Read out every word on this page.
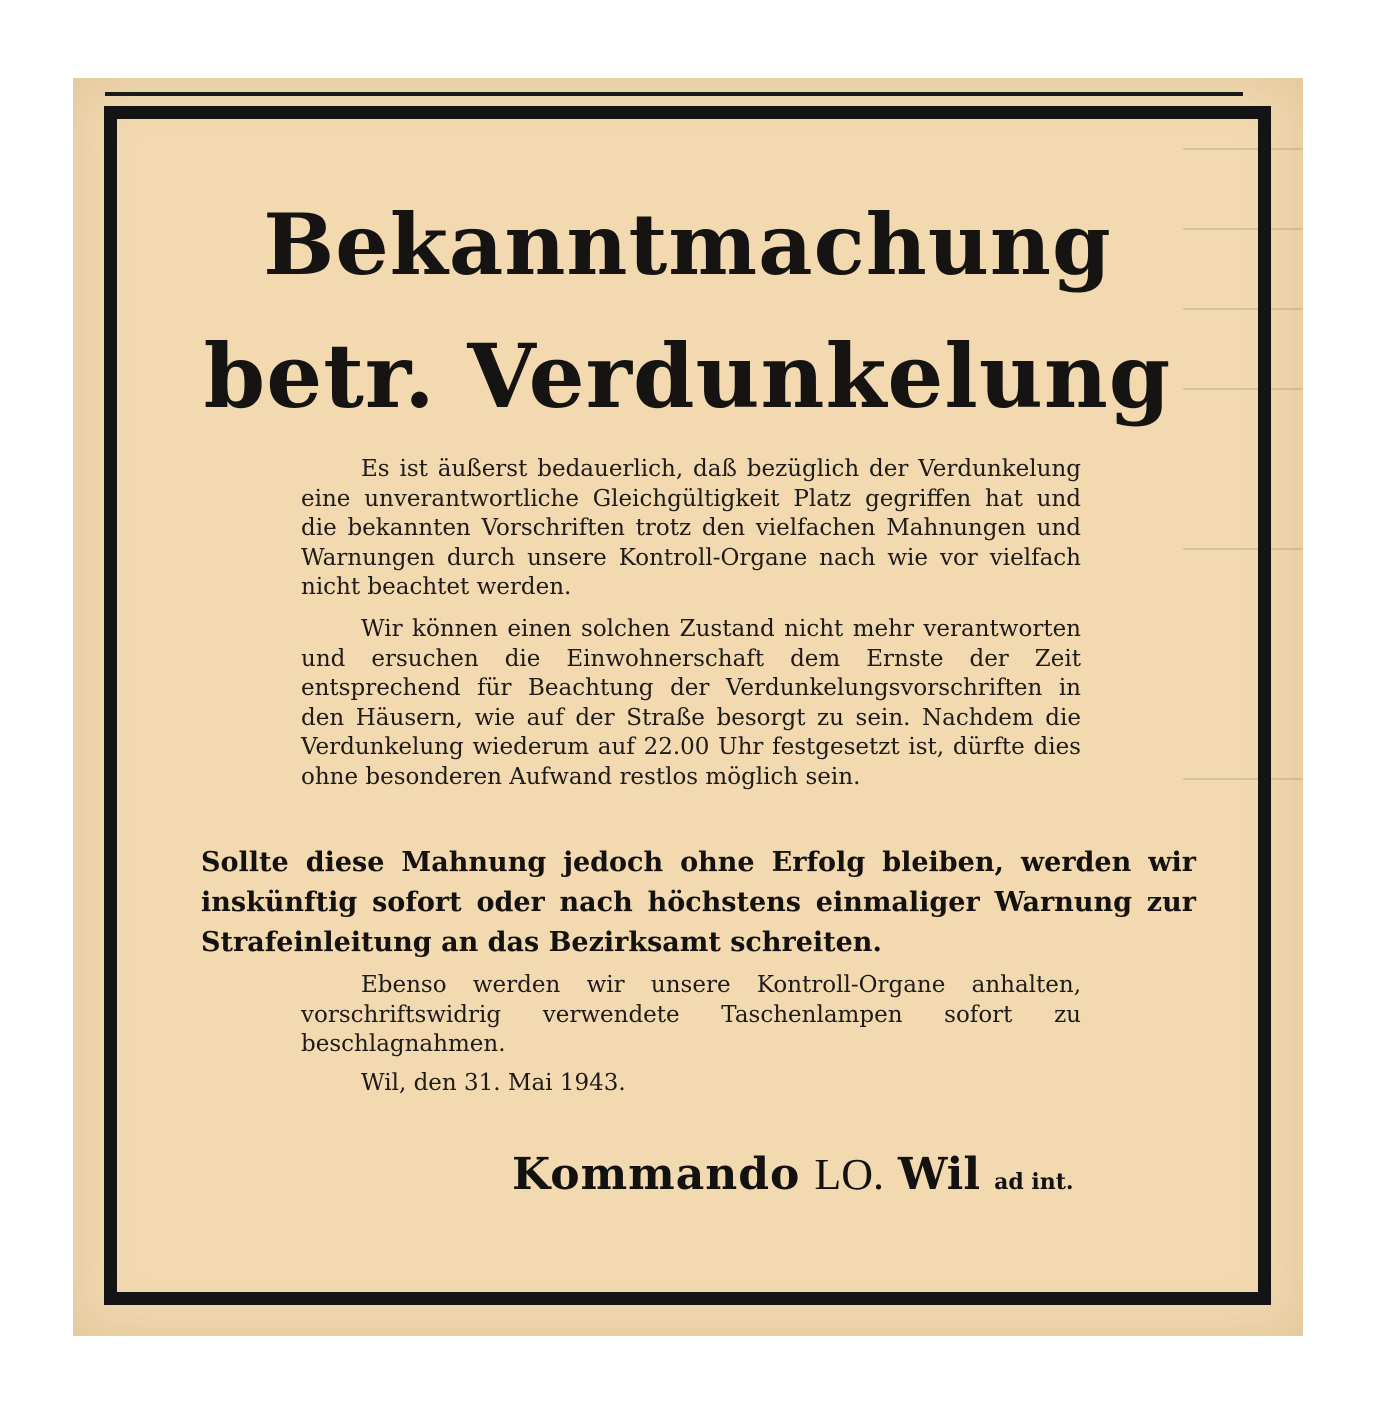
Bekanntmachung
betr. Verdunkelung

Es ist äußerst bedauerlich, daß bezüglich der Verdunkelung eine unverantwortliche Gleichgültigkeit Platz gegriffen hat und die bekannten Vorschriften trotz den vielfachen Mahnungen und Warnungen durch unsere Kontroll-Organe nach wie vor vielfach nicht beachtet werden.

Wir können einen solchen Zustand nicht mehr verantworten und ersuchen die Einwohnerschaft dem Ernste der Zeit entsprechend für Beachtung der Verdunkelungsvorschriften in den Häusern, wie auf der Straße besorgt zu sein. Nachdem die Verdunkelung wiederum auf 22.00 Uhr festgesetzt ist, dürfte dies ohne besonderen Aufwand restlos möglich sein.

Sollte diese Mahnung jedoch ohne Erfolg bleiben, werden wir inskünftig sofort oder nach höchstens einmaliger Warnung zur Strafeinleitung an das Bezirksamt schreiten.

Ebenso werden wir unsere Kontroll-Organe anhalten, vorschriftswidrig verwendete Taschenlampen sofort zu beschlagnahmen.

Wil, den 31. Mai 1943.

Kommando LO. Wil ad int.
